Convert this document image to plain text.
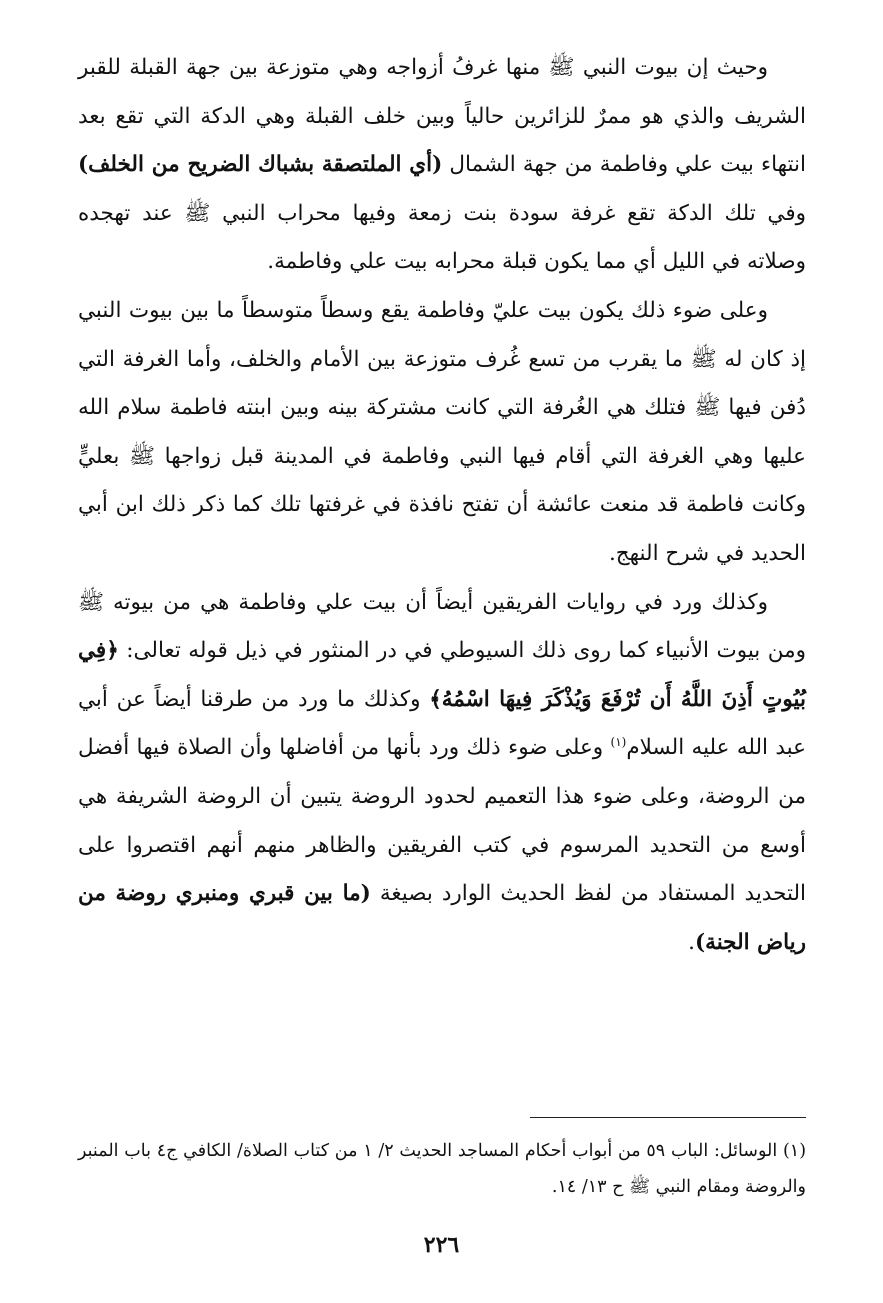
وحيث إن بيوت النبي ﷺ منها غرفُ أزواجه وهي متوزعة بين جهة القبلة للقبر الشريف والذي هو ممرٌ للزائرين حالياً وبين خلف القبلة وهي الدكة التي تقع بعد انتهاء بيت علي وفاطمة من جهة الشمال (أي الملتصقة بشباك الضريح من الخلف) وفي تلك الدكة تقع غرفة سودة بنت زمعة وفيها محراب النبي ﷺ عند تهجده وصلاته في الليل أي مما يكون قبلة محرابه بيت علي وفاطمة.

وعلى ضوء ذلك يكون بيت عليّ وفاطمة يقع وسطاً متوسطاً ما بين بيوت النبي إذ كان له ﷺ ما يقرب من تسع غُرف متوزعة بين الأمام والخلف، وأما الغرفة التي دُفن فيها ﷺ فتلك هي الغُرفة التي كانت مشتركة بينه وبين ابنته فاطمة سلام الله عليها وهي الغرفة التي أقام فيها النبي وفاطمة في المدينة قبل زواجها ﷺ بعليٍّ وكانت فاطمة قد منعت عائشة أن تفتح نافذة في غرفتها تلك كما ذكر ذلك ابن أبي الحديد في شرح النهج.

وكذلك ورد في روايات الفريقين أيضاً أن بيت علي وفاطمة هي من بيوته ﷺ ومن بيوت الأنبياء كما روى ذلك السيوطي في در المنثور في ذيل قوله تعالى: ﴿فِي بُيُوتٍ أَذِنَ اللَّهُ أَن تُرْفَعَ وَيُذْكَرَ فِيهَا اسْمُهُ﴾ وكذلك ما ورد من طرقنا أيضاً عن أبي عبد الله عليه السلام$^{(١)}$ وعلى ضوء ذلك ورد بأنها من أفاضلها وأن الصلاة فيها أفضل من الروضة، وعلى ضوء هذا التعميم لحدود الروضة يتبين أن الروضة الشريفة هي أوسع من التحديد المرسوم في كتب الفريقين والظاهر منهم أنهم اقتصروا على التحديد المستفاد من لفظ الحديث الوارد بصيغة (ما بين قبري ومنبري روضة من رياض الجنة).

(١) الوسائل: الباب ٥٩ من أبواب أحكام المساجد الحديث ٢/ ١ من كتاب الصلاة/ الكافي ج٤ باب المنبر والروضة ومقام النبي ﷺ ح ١٣/ ١٤.

٢٢٦
